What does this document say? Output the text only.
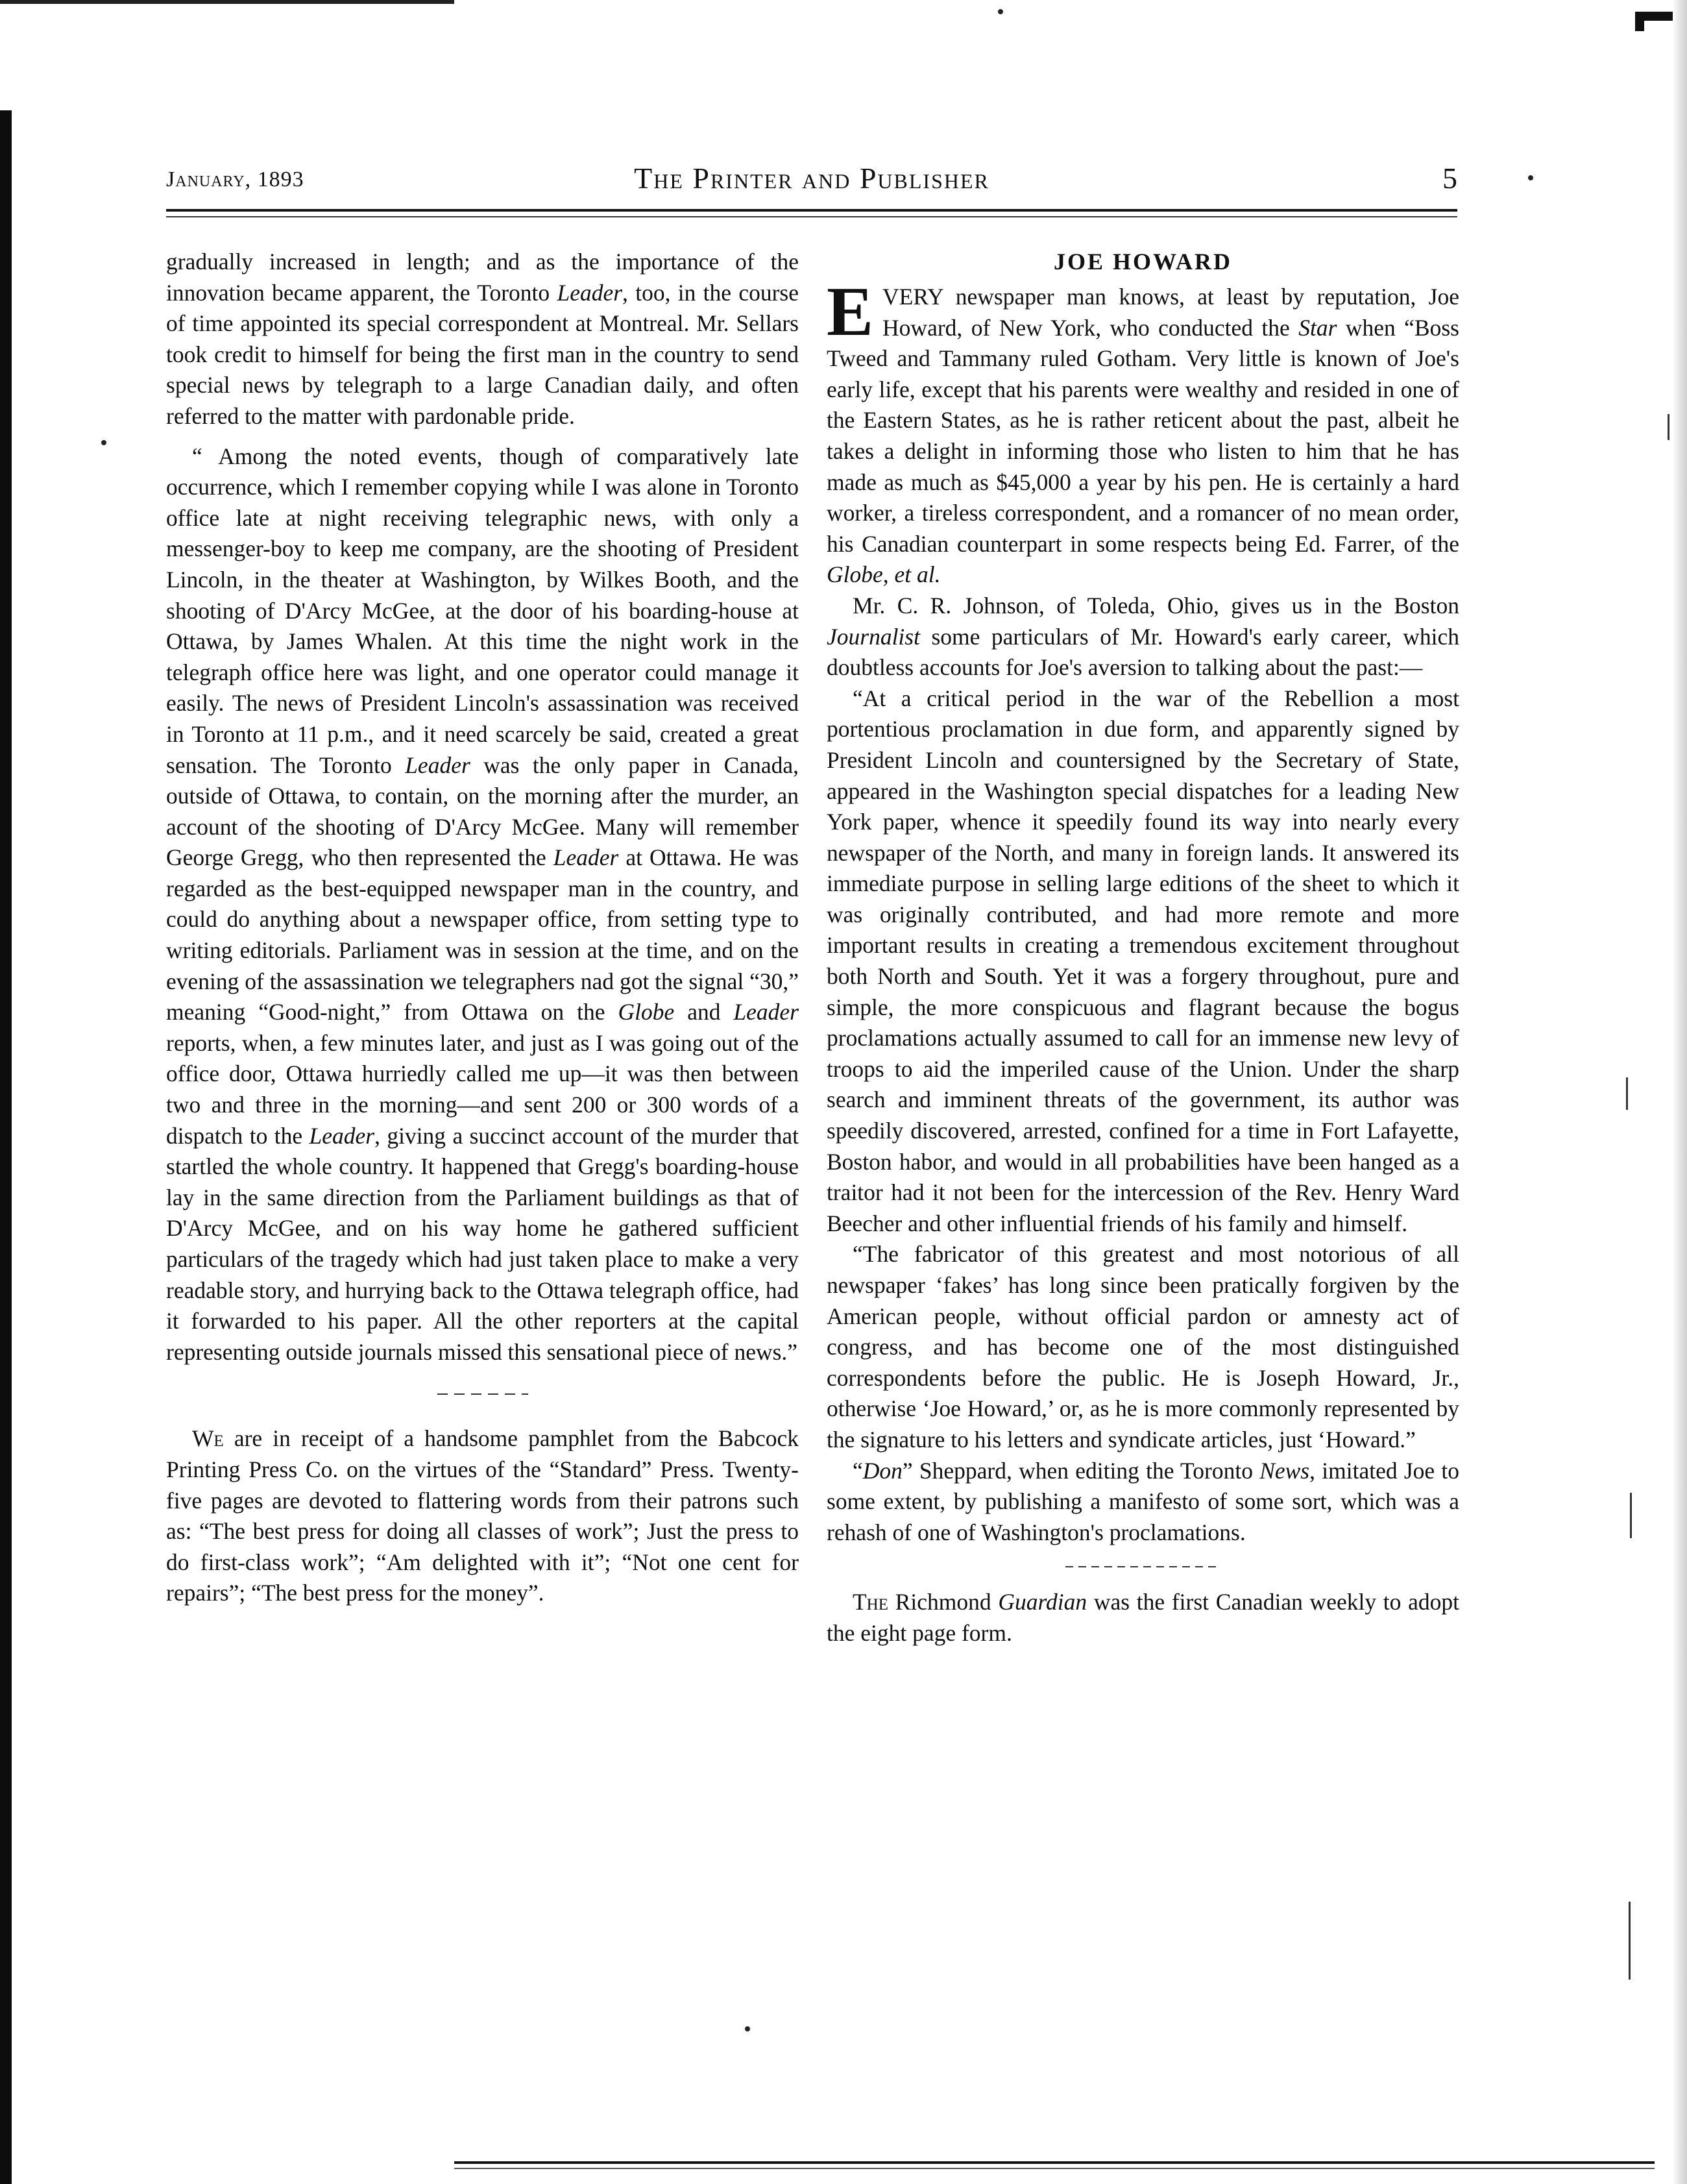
January, 1893	The Printer and Publisher	5

gradually increased in length; and as the importance of the innovation became apparent, the Toronto Leader, too, in the course of time appointed its special correspondent at Montreal. Mr. Sellars took credit to himself for being the first man in the country to send special news by telegraph to a large Canadian daily, and often referred to the matter with pardonable pride.

“ Among the noted events, though of comparatively late occurrence, which I remember copying while I was alone in Toronto office late at night receiving telegraphic news, with only a messenger-boy to keep me company, are the shooting of President Lincoln, in the theater at Washington, by Wilkes Booth, and the shooting of D'Arcy McGee, at the door of his boarding-house at Ottawa, by James Whalen. At this time the night work in the telegraph office here was light, and one operator could manage it easily. The news of President Lincoln's assassination was received in Toronto at 11 p.m., and it need scarcely be said, created a great sensation. The Toronto Leader was the only paper in Canada, outside of Ottawa, to contain, on the morning after the murder, an account of the shooting of D'Arcy McGee. Many will remember George Gregg, who then represented the Leader at Ottawa. He was regarded as the best-equipped newspaper man in the country, and could do anything about a newspaper office, from setting type to writing editorials. Parliament was in session at the time, and on the evening of the assassination we telegraphers nad got the signal “30,” meaning “Good-night,” from Ottawa on the Globe and Leader reports, when, a few minutes later, and just as I was going out of the office door, Ottawa hurriedly called me up—it was then between two and three in the morning—and sent 200 or 300 words of a dispatch to the Leader, giving a succinct account of the murder that startled the whole country. It happened that Gregg's boarding-house lay in the same direction from the Parliament buildings as that of D'Arcy McGee, and on his way home he gathered sufficient particulars of the tragedy which had just taken place to make a very readable story, and hurrying back to the Ottawa telegraph office, had it forwarded to his paper. All the other reporters at the capital representing outside journals missed this sensational piece of news.”

We are in receipt of a handsome pamphlet from the Babcock Printing Press Co. on the virtues of the “Standard” Press. Twenty-five pages are devoted to flattering words from their patrons such as: “The best press for doing all classes of work”; Just the press to do first-class work”; “Am delighted with it”; “Not one cent for repairs”; “The best press for the money”.

JOE HOWARD

EVERY newspaper man knows, at least by reputation, Joe Howard, of New York, who conducted the Star when “Boss Tweed and Tammany ruled Gotham. Very little is known of Joe's early life, except that his parents were wealthy and resided in one of the Eastern States, as he is rather reticent about the past, albeit he takes a delight in informing those who listen to him that he has made as much as $45,000 a year by his pen. He is certainly a hard worker, a tireless correspondent, and a romancer of no mean order, his Canadian counterpart in some respects being Ed. Farrer, of the Globe, et al.

Mr. C. R. Johnson, of Toleda, Ohio, gives us in the Boston Journalist some particulars of Mr. Howard's early career, which doubtless accounts for Joe's aversion to talking about the past:—

“At a critical period in the war of the Rebellion a most portentious proclamation in due form, and apparently signed by President Lincoln and countersigned by the Secretary of State, appeared in the Washington special dispatches for a leading New York paper, whence it speedily found its way into nearly every newspaper of the North, and many in foreign lands. It answered its immediate purpose in selling large editions of the sheet to which it was originally contributed, and had more remote and more important results in creating a tremendous excitement throughout both North and South. Yet it was a forgery throughout, pure and simple, the more conspicuous and flagrant because the bogus proclamations actually assumed to call for an immense new levy of troops to aid the imperiled cause of the Union. Under the sharp search and imminent threats of the government, its author was speedily discovered, arrested, confined for a time in Fort Lafayette, Boston habor, and would in all probabilities have been hanged as a traitor had it not been for the intercession of the Rev. Henry Ward Beecher and other influential friends of his family and himself.

“The fabricator of this greatest and most notorious of all newspaper ‘fakes’ has long since been pratically forgiven by the American people, without official pardon or amnesty act of congress, and has become one of the most distinguished correspondents before the public. He is Joseph Howard, Jr., otherwise ‘Joe Howard,’ or, as he is more commonly represented by the signature to his letters and syndicate articles, just ‘Howard.”

“Don” Sheppard, when editing the Toronto News, imitated Joe to some extent, by publishing a manifesto of some sort, which was a rehash of one of Washington's proclamations.

The Richmond Guardian was the first Canadian weekly to adopt the eight page form.
